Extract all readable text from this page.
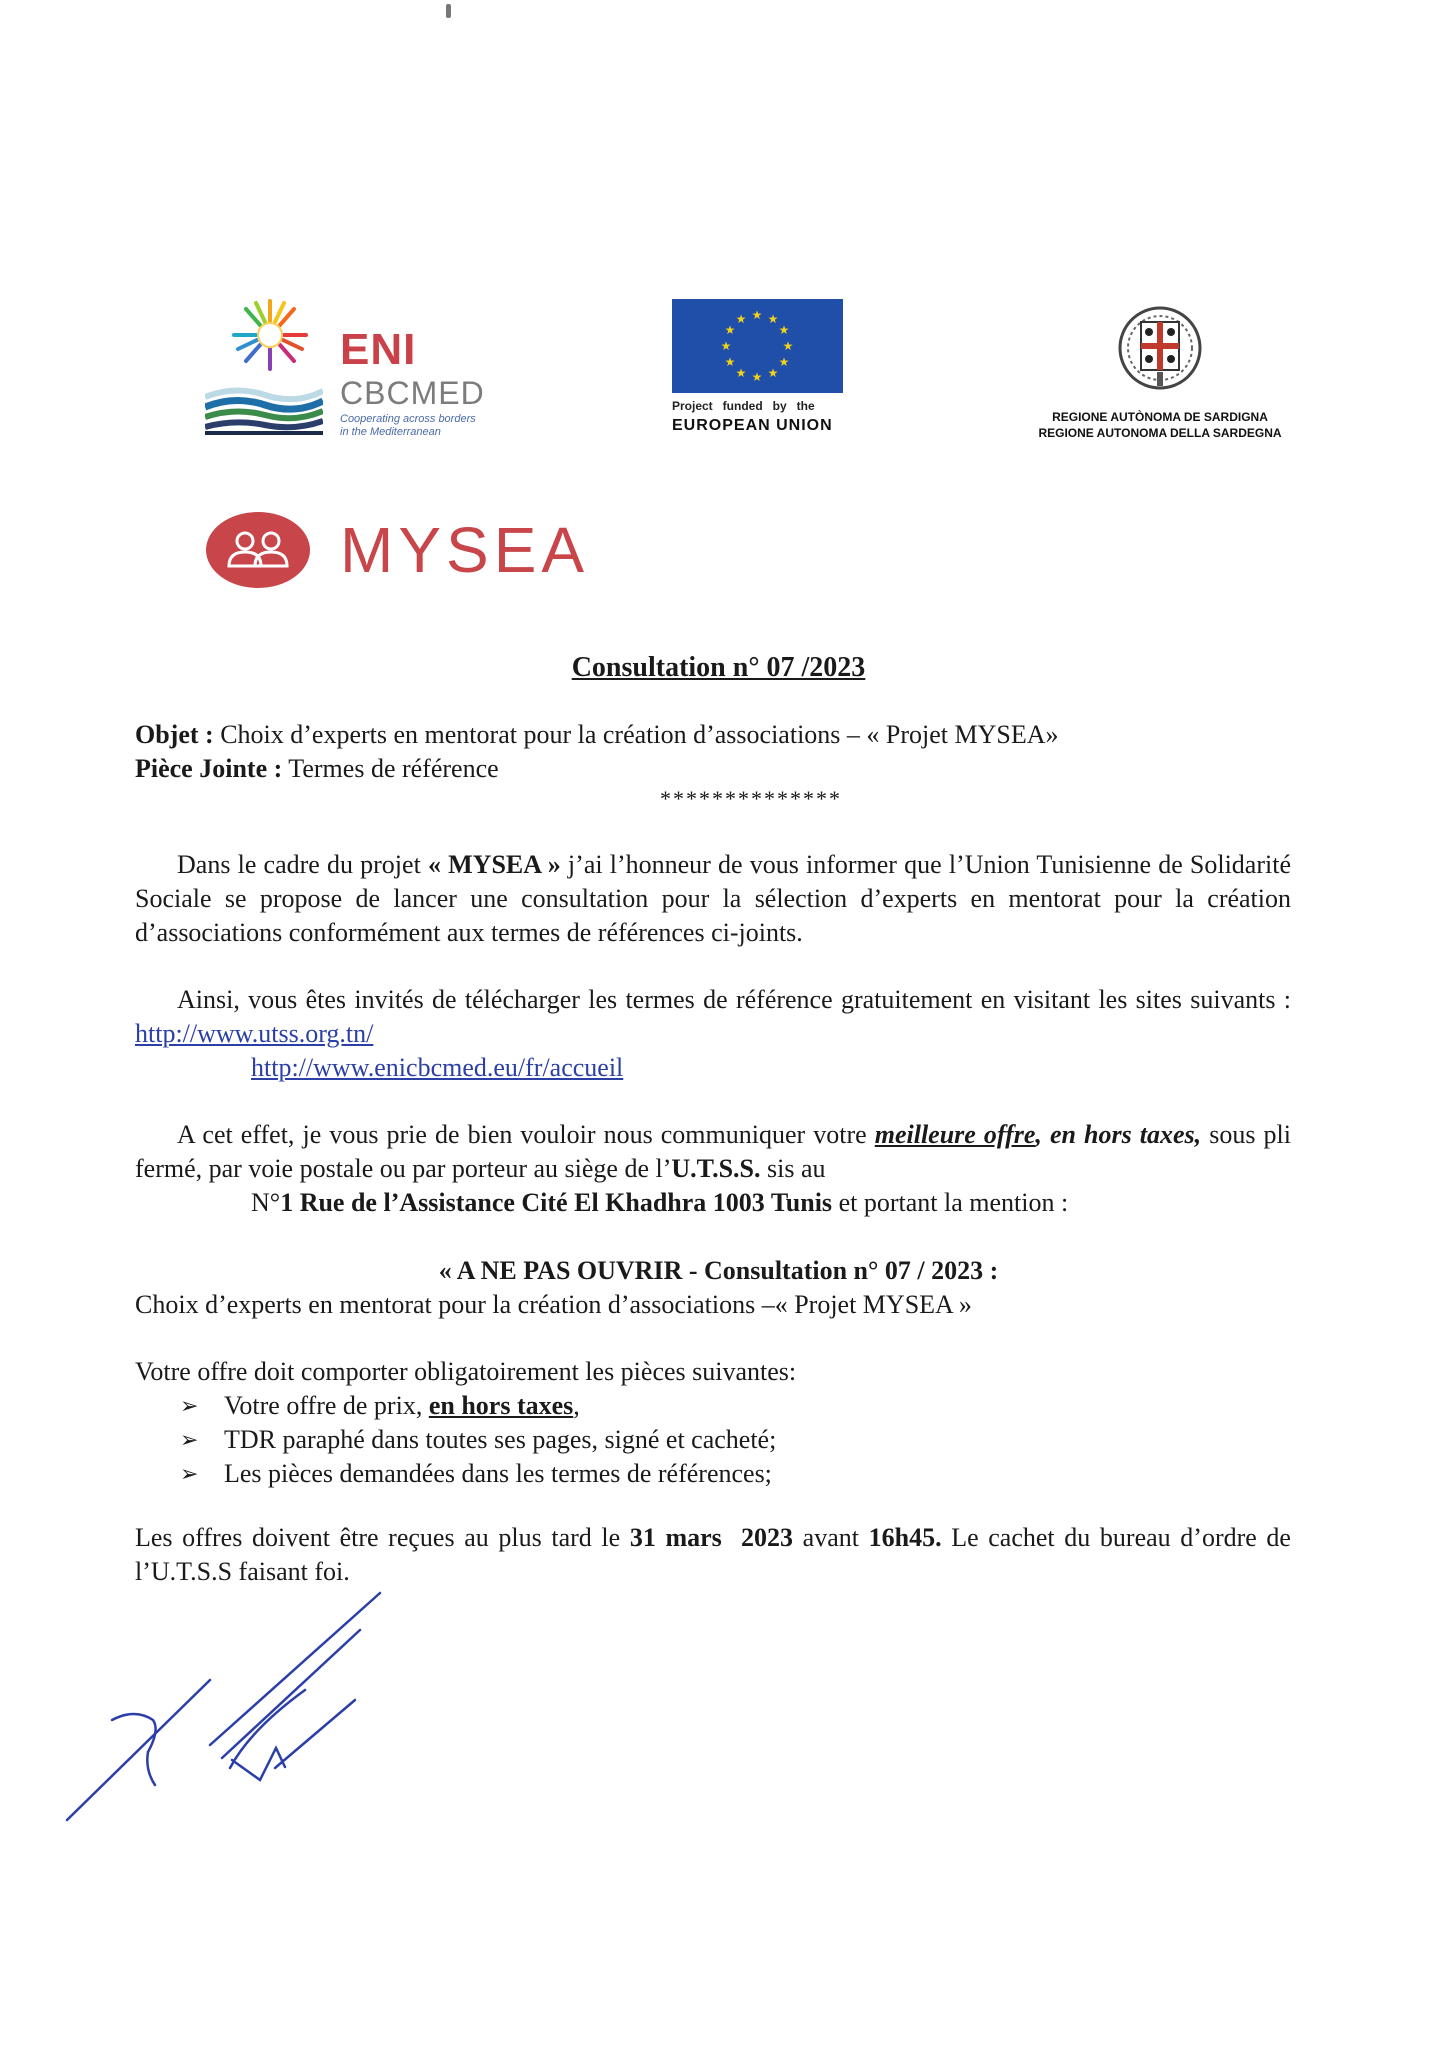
ENI
CBCMED
Cooperating across borders
in the Mediterranean
★ ★
★
★
★
★
★
★
★
★
★
★
Project   funded   by   the
EUROPEAN UNION	REGIONE AUTÒNOMA DE SARDIGNA
REGIONE AUTONOMA DELLA SARDEGNA
MYSEA
Consultation n° 07 /2023
Objet : Choix d’experts en mentorat pour la création d’associations – « Projet MYSEA»
Pièce Jointe : Termes de référence
**************
Dans le cadre du projet « MYSEA » j’ai l’honneur de vous informer que l’Union Tunisienne de Solidarité Sociale se propose de lancer une consultation pour la sélection d’experts en mentorat pour la création d’associations conformément aux termes de références ci-joints.
Ainsi, vous êtes invités de télécharger les termes de référence gratuitement en visitant les sites suivants : http://www.utss.org.tn/
http://www.enicbcmed.eu/fr/accueil
A cet effet, je vous prie de bien vouloir nous communiquer votre meilleure offre, en hors taxes, sous pli fermé, par voie postale ou par porteur au siège de l’U.T.S.S. sis au
N°1 Rue de l’Assistance Cité El Khadhra 1003 Tunis et portant la mention :
« A NE PAS OUVRIR - Consultation n° 07 / 2023 :
Choix d’experts en mentorat pour la création d’associations –« Projet MYSEA »
Votre offre doit comporter obligatoirement les pièces suivantes:
➢ Votre offre de prix, en hors taxes,
➢ TDR paraphé dans toutes ses pages, signé et cacheté;
➢ Les pièces demandées dans les termes de références;
Les offres doivent être reçues au plus tard le 31 mars  2023 avant 16h45. Le cachet du bureau d’ordre de l’U.T.S.S faisant foi.
